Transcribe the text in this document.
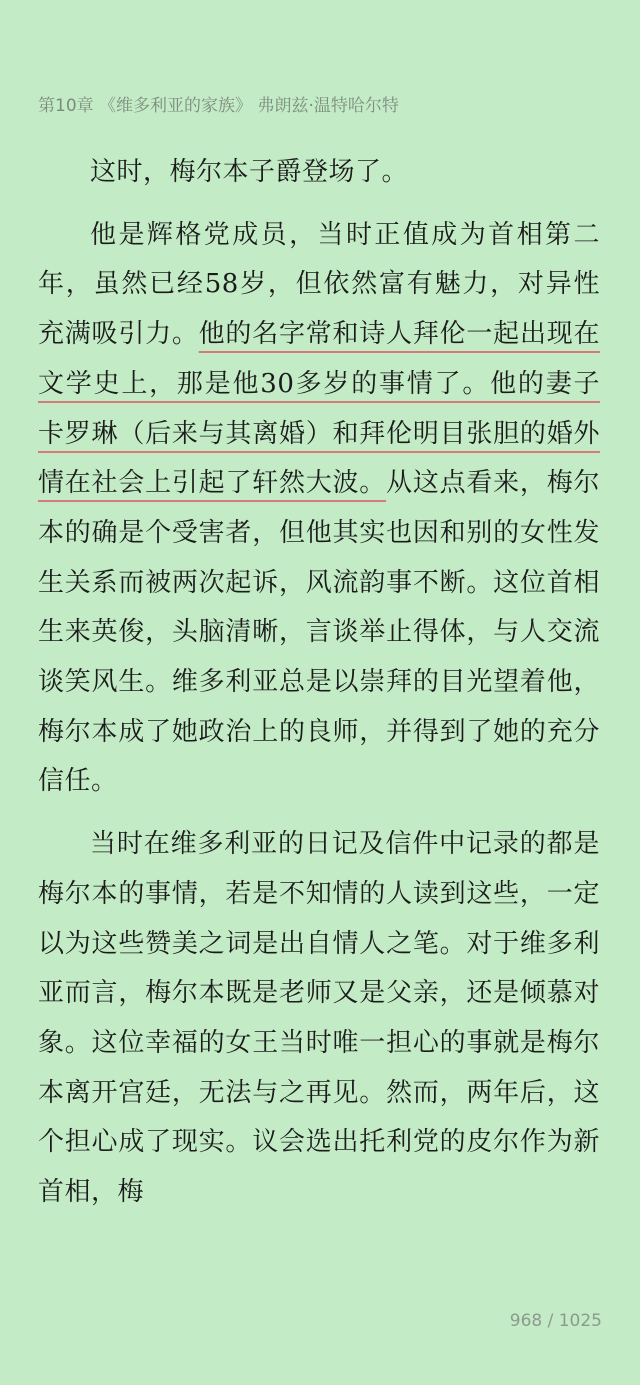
第10章 《维多利亚的家族》 弗朗兹·温特哈尔特

这时，梅尔本子爵登场了。

他是辉格党成员，当时正值成为首相第二年，虽然已经58岁，但依然富有魅力，对异性充满吸引力。他的名字常和诗人拜伦一起出现在文学史上，那是他30多岁的事情了。他的妻子卡罗琳（后来与其离婚）和拜伦明目张胆的婚外情在社会上引起了轩然大波。从这点看来，梅尔本的确是个受害者，但他其实也因和别的女性发生关系而被两次起诉，风流韵事不断。这位首相生来英俊，头脑清晰，言谈举止得体，与人交流谈笑风生。维多利亚总是以崇拜的目光望着他，梅尔本成了她政治上的良师，并得到了她的充分信任。

当时在维多利亚的日记及信件中记录的都是梅尔本的事情，若是不知情的人读到这些，一定以为这些赞美之词是出自情人之笔。对于维多利亚而言，梅尔本既是老师又是父亲，还是倾慕对象。这位幸福的女王当时唯一担心的事就是梅尔本离开宫廷，无法与之再见。然而，两年后，这个担心成了现实。议会选出托利党的皮尔作为新首相，梅

968 / 1025
